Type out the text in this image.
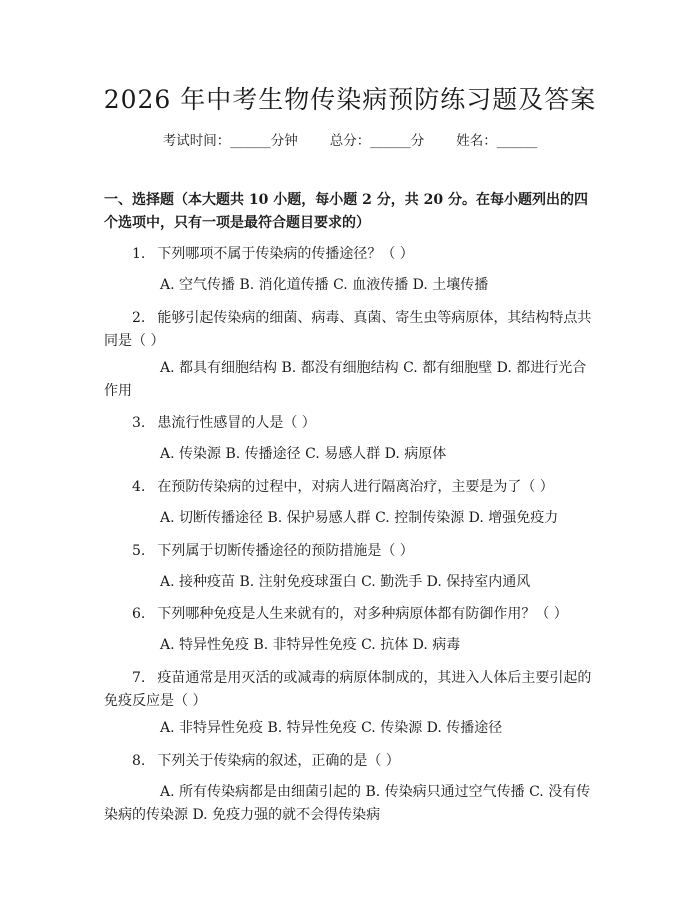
2026 年中考生物传染病预防练习题及答案
考试时间：______分钟 总分：______分 姓名：______
一、选择题（本大题共 10 小题，每小题 2 分，共 20 分。在每小题列出的四个选项中，只有一项是最符合题目要求的）
1. 下列哪项不属于传染病的传播途径？（ ）
A. 空气传播 B. 消化道传播 C. 血液传播 D. 土壤传播
2. 能够引起传染病的细菌、病毒、真菌、寄生虫等病原体，其结构特点共同是（ ）
A. 都具有细胞结构 B. 都没有细胞结构 C. 都有细胞壁 D. 都进行光合作用
3. 患流行性感冒的人是（ ）
A. 传染源 B. 传播途径 C. 易感人群 D. 病原体
4. 在预防传染病的过程中，对病人进行隔离治疗，主要是为了（ ）
A. 切断传播途径 B. 保护易感人群 C. 控制传染源 D. 增强免疫力
5. 下列属于切断传播途径的预防措施是（ ）
A. 接种疫苗 B. 注射免疫球蛋白 C. 勤洗手 D. 保持室内通风
6. 下列哪种免疫是人生来就有的，对多种病原体都有防御作用？（ ）
A. 特异性免疫 B. 非特异性免疫 C. 抗体 D. 病毒
7. 疫苗通常是用灭活的或减毒的病原体制成的，其进入人体后主要引起的免疫反应是（ ）
A. 非特异性免疫 B. 特异性免疫 C. 传染源 D. 传播途径
8. 下列关于传染病的叙述，正确的是（ ）
A. 所有传染病都是由细菌引起的 B. 传染病只通过空气传播 C. 没有传染病的传染源 D. 免疫力强的就不会得传染病
